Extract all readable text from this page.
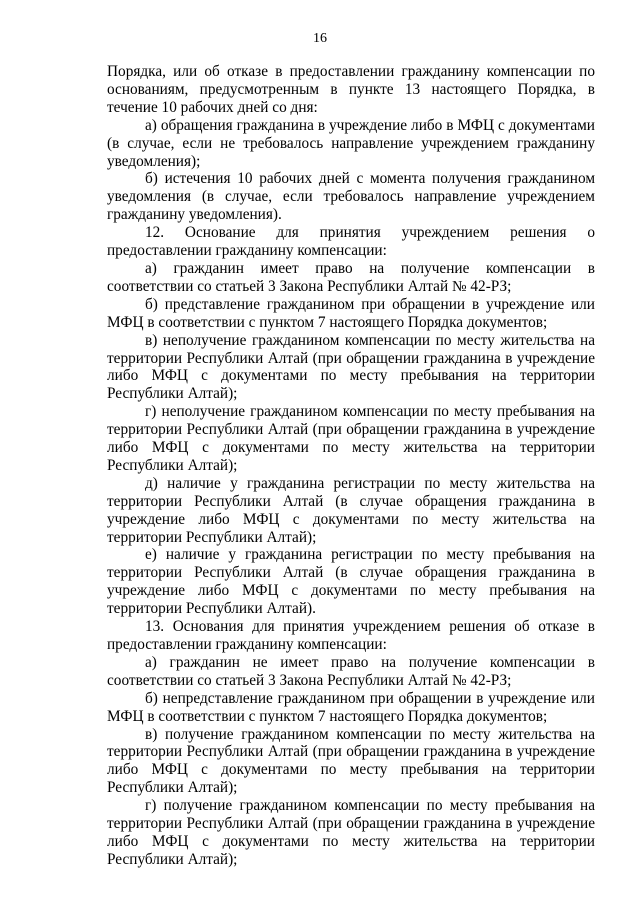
16

Порядка, или об отказе в предоставлении гражданину компенсации по основаниям, предусмотренным в пункте 13 настоящего Порядка, в течение 10 рабочих дней со дня:

а) обращения гражданина в учреждение либо в МФЦ с документами (в случае, если не требовалось направление учреждением гражданину уведомления);

б) истечения 10 рабочих дней с момента получения гражданином уведомления (в случае, если требовалось направление учреждением гражданину уведомления).

12. Основание для принятия учреждением решения о предоставлении гражданину компенсации:

а) гражданин имеет право на получение компенсации в соответствии со статьей 3 Закона Республики Алтай № 42-РЗ;

б) представление гражданином при обращении в учреждение или МФЦ в соответствии с пунктом 7 настоящего Порядка документов;

в) неполучение гражданином компенсации по месту жительства на территории Республики Алтай (при обращении гражданина в учреждение либо МФЦ с документами по месту пребывания на территории Республики Алтай);

г) неполучение гражданином компенсации по месту пребывания на территории Республики Алтай (при обращении гражданина в учреждение либо МФЦ с документами по месту жительства на территории Республики Алтай);

д) наличие у гражданина регистрации по месту жительства на территории Республики Алтай (в случае обращения гражданина в учреждение либо МФЦ с документами по месту жительства на территории Республики Алтай);

е) наличие у гражданина регистрации по месту пребывания на территории Республики Алтай (в случае обращения гражданина в учреждение либо МФЦ с документами по месту пребывания на территории Республики Алтай).

13. Основания для принятия учреждением решения об отказе в предоставлении гражданину компенсации:

а) гражданин не имеет право на получение компенсации в соответствии со статьей 3 Закона Республики Алтай № 42-РЗ;

б) непредставление гражданином при обращении в учреждение или МФЦ в соответствии с пунктом 7 настоящего Порядка документов;

в) получение гражданином компенсации по месту жительства на территории Республики Алтай (при обращении гражданина в учреждение либо МФЦ с документами по месту пребывания на территории Республики Алтай);

г) получение гражданином компенсации по месту пребывания на территории Республики Алтай (при обращении гражданина в учреждение либо МФЦ с документами по месту жительства на территории Республики Алтай);
